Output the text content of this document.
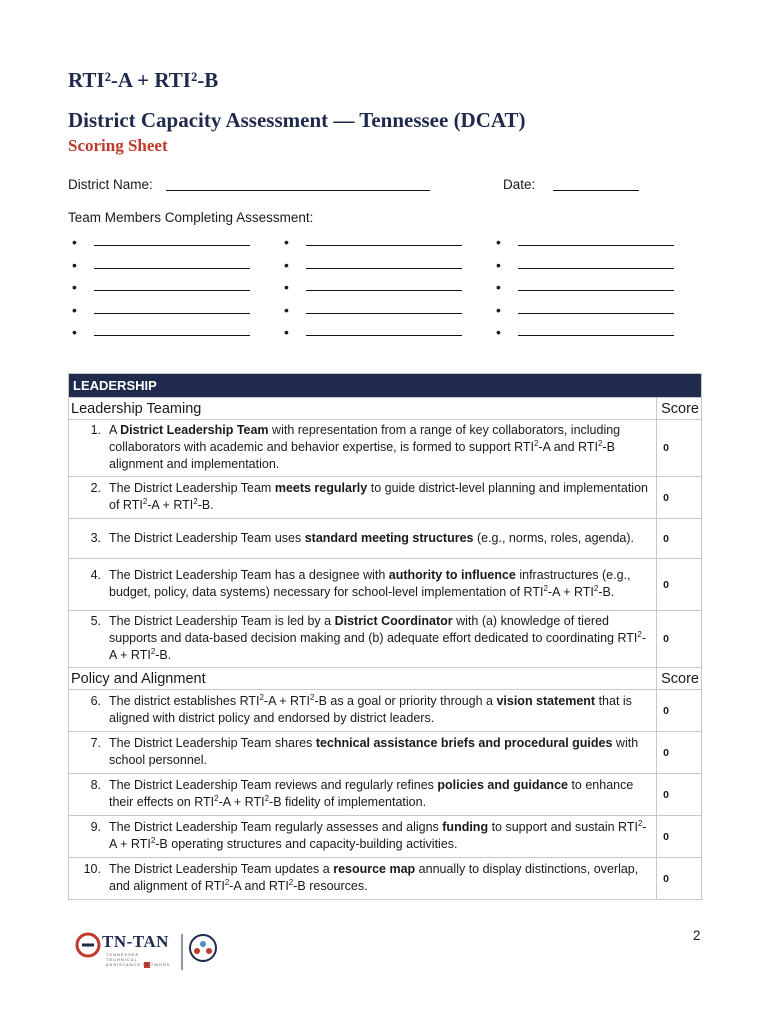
RTI²-A + RTI²-B
District Capacity Assessment — Tennessee (DCAT)
Scoring Sheet
District Name:	Date:
Team Members Completing Assessment:
•
•
•
•
•
•
•
•
•
•
•
•
•
•
•
LEADERSHIP	
Leadership Teaming	Score

1. A District Leadership Team with representation from a range of key collaborators, including collaborators with academic and behavior expertise, is formed to support RTI$^2$-A and RTI$^2$-B alignment and implementation.	0

2. The District Leadership Team meets regularly to guide district-level planning and implementation of $RTI^2-A + RTI^2-B$.	0

3. The District Leadership Team uses standard meeting structures (e.g., norms, roles, agenda).	0

4. The District Leadership Team has a designee with authority to influence infrastructures (e.g., budget, policy, data systems) necessary for school-level implementation of $RTI^2-A + RTI^2-B$.	0

5. The District Leadership Team is led by a District Coordinator with (a) knowledge of tiered supports and data-based decision making and (b) adequate effort dedicated to coordinating $RTI^2-A + RTI^2-B$.	0
Policy and Alignment	Score

6. The district establishes $RTI^2-A + RTI^2-B$ as a goal or priority through a vision statement that is aligned with district policy and endorsed by district leaders.	0

7. The District Leadership Team shares technical assistance briefs and procedural guides with school personnel.	0

8. The District Leadership Team reviews and regularly refines policies and guidance to enhance their effects on $RTI^2-A + RTI^2-B$ fidelity of implementation.	0

9. The District Leadership Team regularly assesses and aligns funding to support and sustain $RTI^2-A + RTI^2-B$ operating structures and capacity-building activities.	0

10. The District Leadership Team updates a resource map annually to display distinctions, overlap, and alignment of RTI$^2$-A and RTI$^2$-B resources.	0
TN-TAN
TENNESSEE TECHNICAL ASSISTANCE NETWORK
2
